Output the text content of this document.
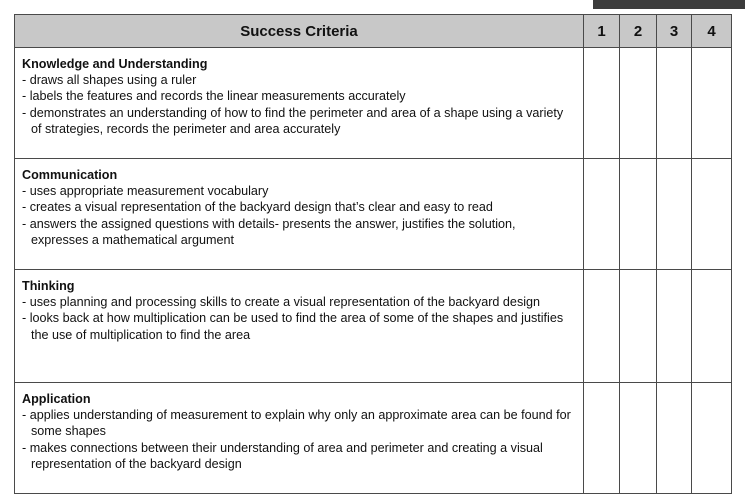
Success Criteria	1	2	3	4

Knowledge and Understanding
- draws all shapes using a ruler
- labels the features and records the linear measurements accurately
- demonstrates an understanding of how to find the perimeter and area of a shape using a variety of strategies, records the perimeter and area accurately				

Communication
- uses appropriate measurement vocabulary
- creates a visual representation of the backyard design that’s clear and easy to read
- answers the assigned questions with details- presents the answer, justifies the solution, expresses a mathematical argument				

Thinking
- uses planning and processing skills to create a visual representation of the backyard design
- looks back at how multiplication can be used to find the area of some of the shapes and justifies the use of multiplication to find the area				

Application
- applies understanding of measurement to explain why only an approximate area can be found for some shapes
- makes connections between their understanding of area and perimeter and creating a visual representation of the backyard design				
